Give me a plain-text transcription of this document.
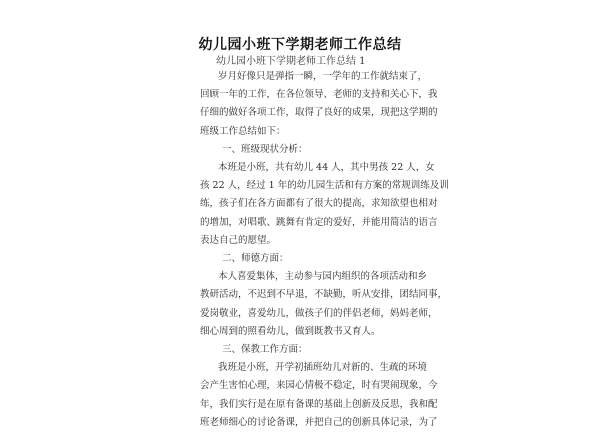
幼儿园小班下学期老师工作总结
幼儿园小班下学期老师工作总结 1

岁月好像只是弹指一瞬，一学年的工作就结束了，

回顾一年的工作，在各位领导、老师的支持和关心下，我

仔细的做好各项工作，取得了良好的成果，现把这学期的

班级工作总结如下：

一、班级现状分析：

本班是小班，共有幼儿 44 人，其中男孩 22 人，女

孩 22 人，经过 1 年的幼儿园生活和有方案的常规训练及训

练，孩子们在各方面都有了很大的提高，求知欲望也相对

的增加，对唱歌、跳舞有肯定的爱好，并能用简洁的语言

表达自己的愿望。

二、师德方面：

本人喜爱集体，主动参与园内组织的各项活动和乡

教研活动，不迟到不早退，不缺勤，听从安排，团结同事，

爱岗敬业，喜爱幼儿，做孩子们的伴侣老师，妈妈老师，

细心周到的照看幼儿，做到既教书又育人。

三、保教工作方面：

我班是小班，开学初插班幼儿对新的、生疏的环境

会产生害怕心理，来园心情极不稳定，时有哭闹现象，今

年，我们实行是在原有备课的基础上创新及反思，我和配

班老师细心的讨论备课，并把自己的创新具体记录，为了
